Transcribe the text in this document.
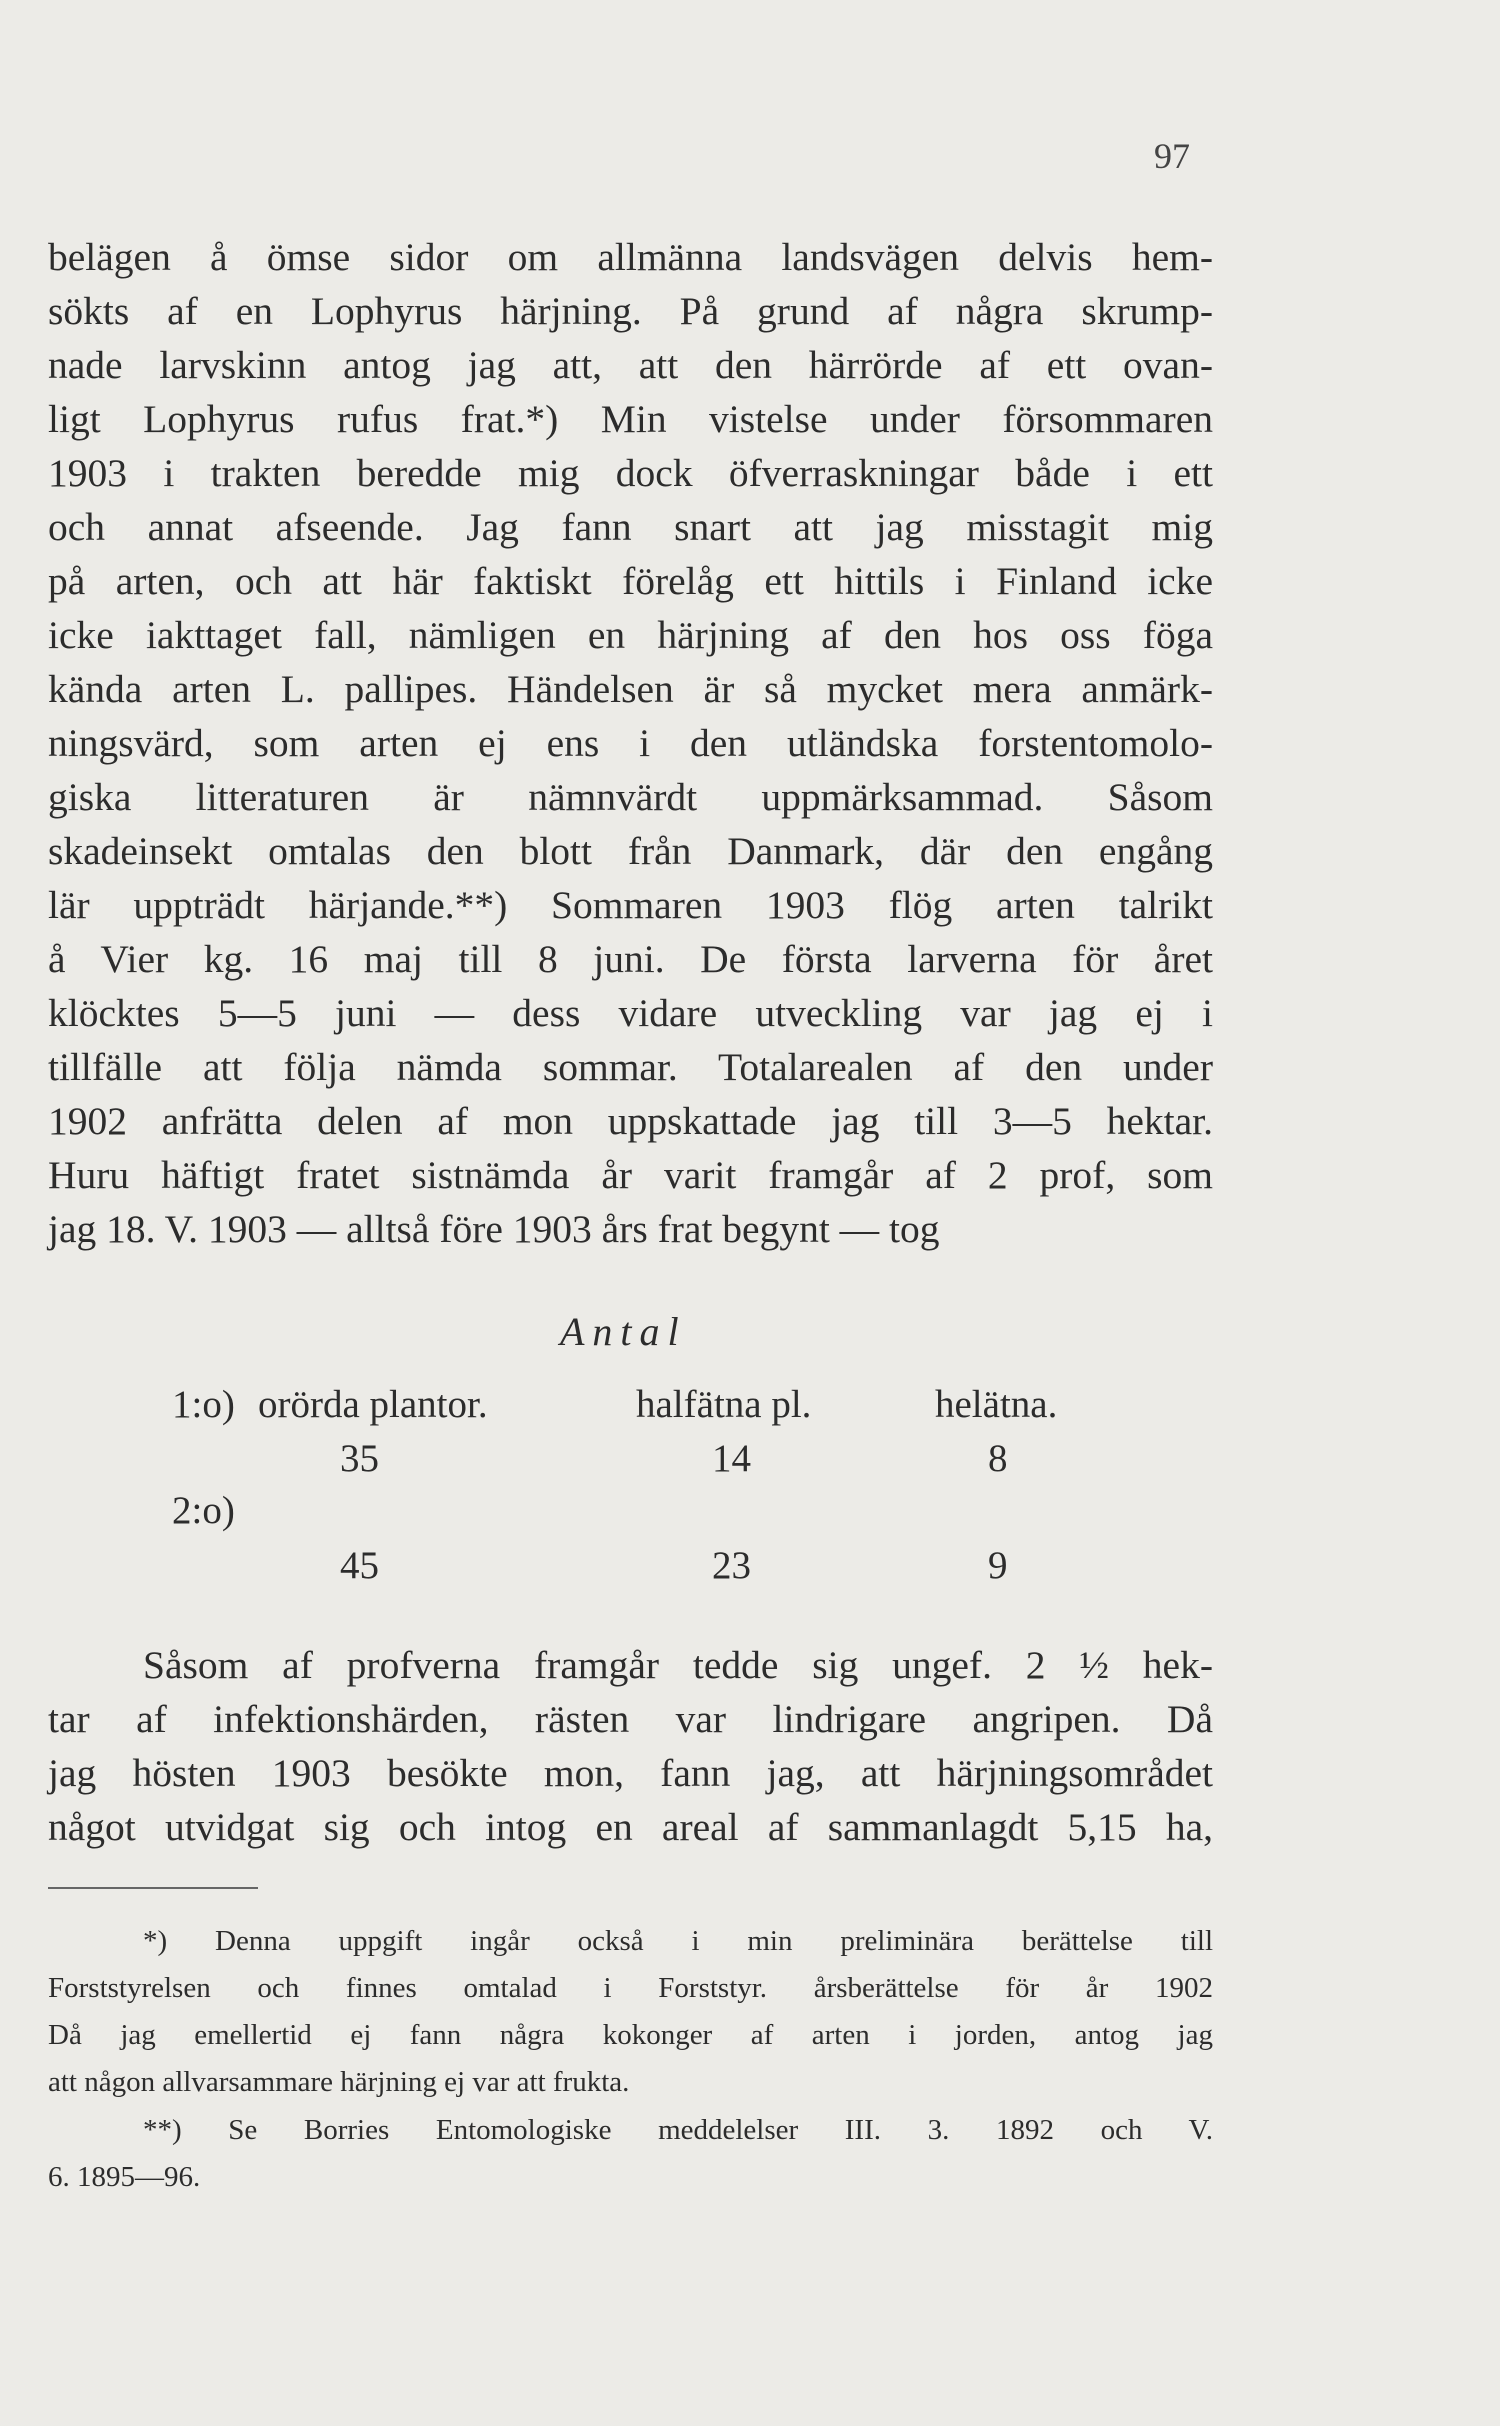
97
belägen å ömse sidor om allmänna landsvägen delvis hem-
sökts af en Lophyrus härjning. På grund af några skrump-
nade larvskinn antog jag att, att den härrörde af ett ovan-
ligt Lophyrus rufus frat.*) Min vistelse under försommaren
1903 i trakten beredde mig dock öfverraskningar både i ett
och annat afseende. Jag fann snart att jag misstagit mig
på arten, och att här faktiskt förelåg ett hittils i Finland icke
icke iakttaget fall, nämligen en härjning af den hos oss föga
kända arten L. pallipes. Händelsen är så mycket mera anmärk-
ningsvärd, som arten ej ens i den utländska forstentomolo-
giska litteraturen är nämnvärdt uppmärksammad. Såsom
skadeinsekt omtalas den blott från Danmark, där den engång
lär uppträdt härjande.**) Sommaren 1903 flög arten talrikt
å Vier kg. 16 maj till 8 juni. De första larverna för året
klöcktes 5—5 juni — dess vidare utveckling var jag ej i
tillfälle att följa nämda sommar. Totalarealen af den under
1902 anfrätta delen af mon uppskattade jag till 3—5 hektar.
Huru häftigt fratet sistnämda år varit framgår af 2 prof, som
jag 18. V. 1903 — alltså före 1903 års frat begynt — tog
Antal
1:o) orörda plantor.	halfätna pl.	helätna.
35	14	8
2:o)
45	23	9
Såsom af profverna framgår tedde sig ungef. 2 ½ hek-
tar af infektionshärden, rästen var lindrigare angripen. Då
jag hösten 1903 besökte mon, fann jag, att härjningsområdet
något utvidgat sig och intog en areal af sammanlagdt 5,15 ha,
*) Denna uppgift ingår också i min preliminära berättelse till
Forststyrelsen och finnes omtalad i Forststyr. årsberättelse för år 1902
Då jag emellertid ej fann några kokonger af arten i jorden, antog jag
att någon allvarsammare härjning ej var att frukta.
**) Se Borries Entomologiske meddelelser III. 3. 1892 och V.
6. 1895—96.
